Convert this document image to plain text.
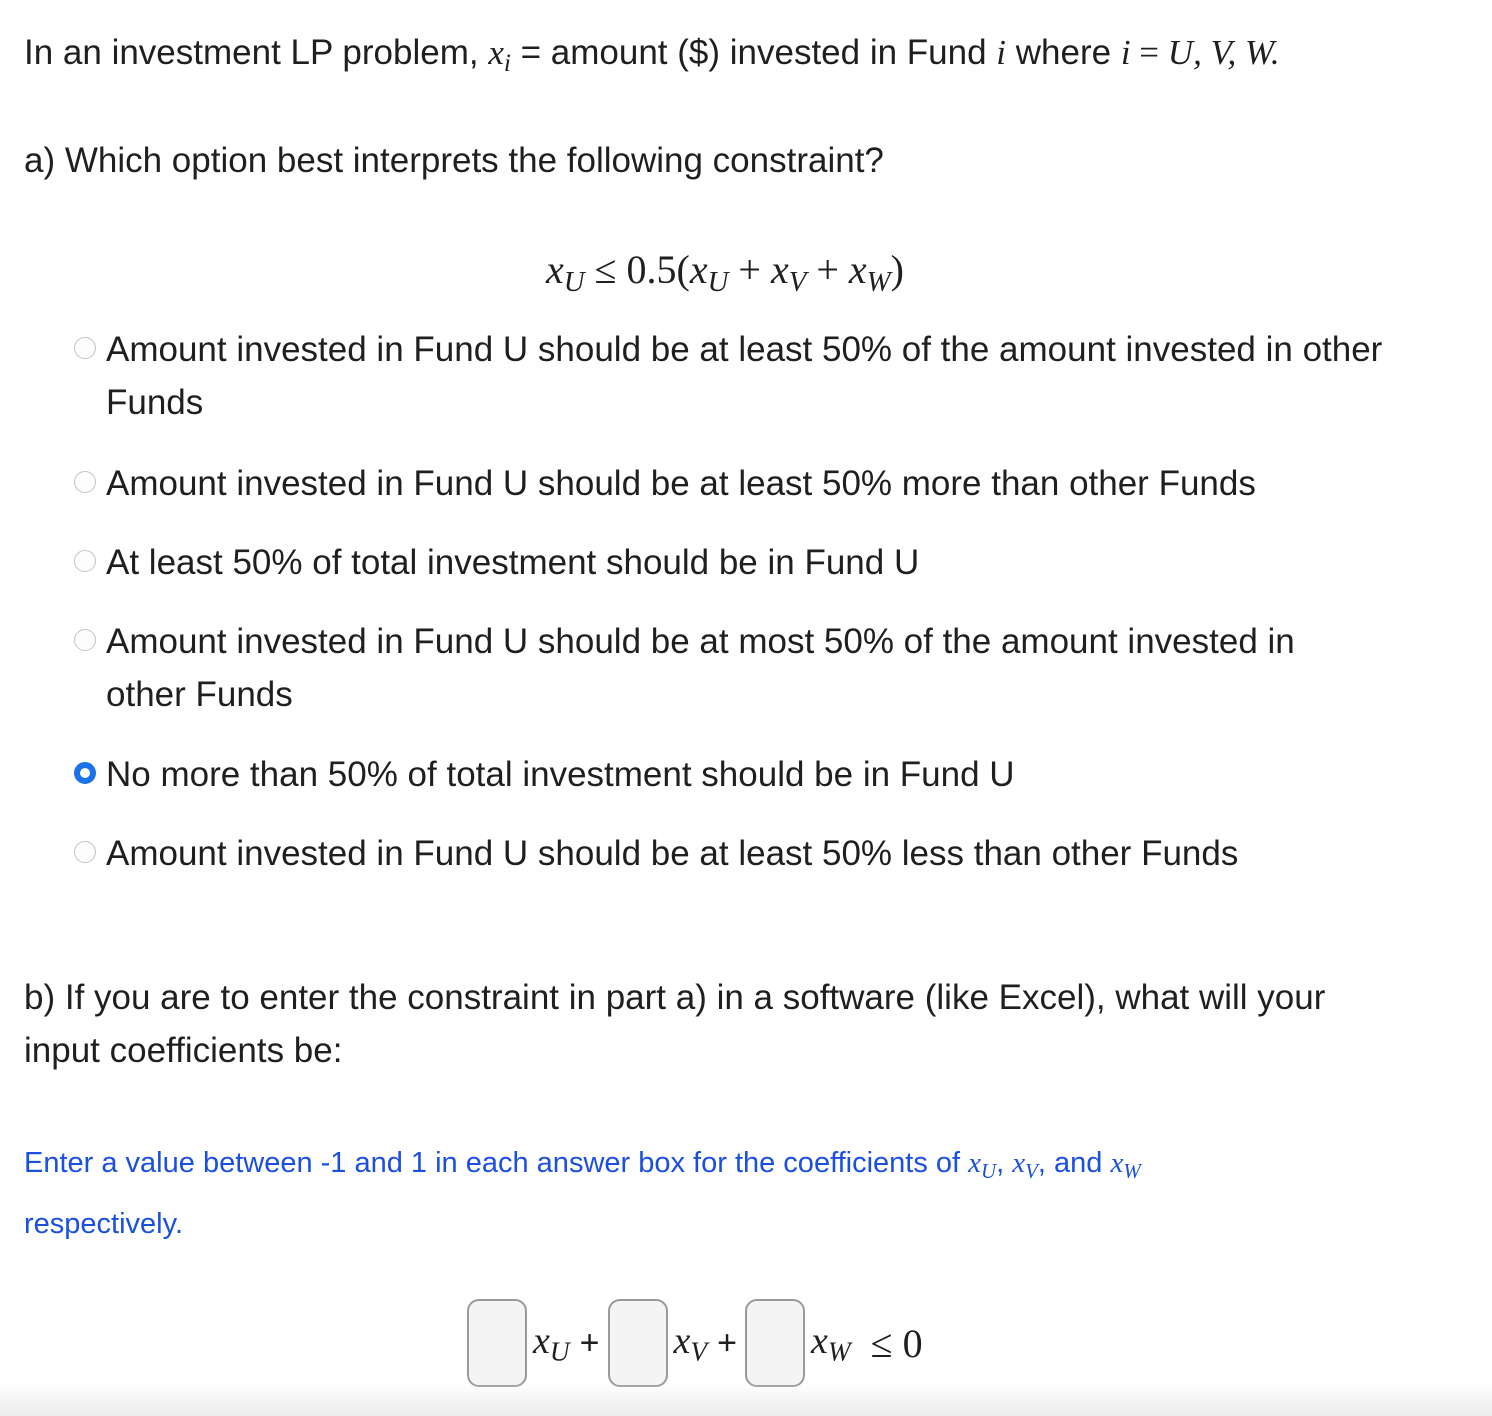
In an investment LP problem, $x_i$ = amount ($) invested in Fund i where i = U, V, W.
a) Which option best interprets the following constraint?
$x_U \le 0.5(x_U + x_V + x_W)$
Amount invested in Fund U should be at least 50% of the amount invested in other
Funds
Amount invested in Fund U should be at least 50% more than other Funds
At least 50% of total investment should be in Fund U
Amount invested in Fund U should be at most 50% of the amount invested in
other Funds
No more than 50% of total investment should be in Fund U
Amount invested in Fund U should be at least 50% less than other Funds
b) If you are to enter the constraint in part a) in a software (like Excel), what will your
input coefficients be:
Enter a value between -1 and 1 in each answer box for the coefficients of $x_U$, $x_V$, and $x_W$
respectively.
$x_U + x_V + x_W \le 0$
